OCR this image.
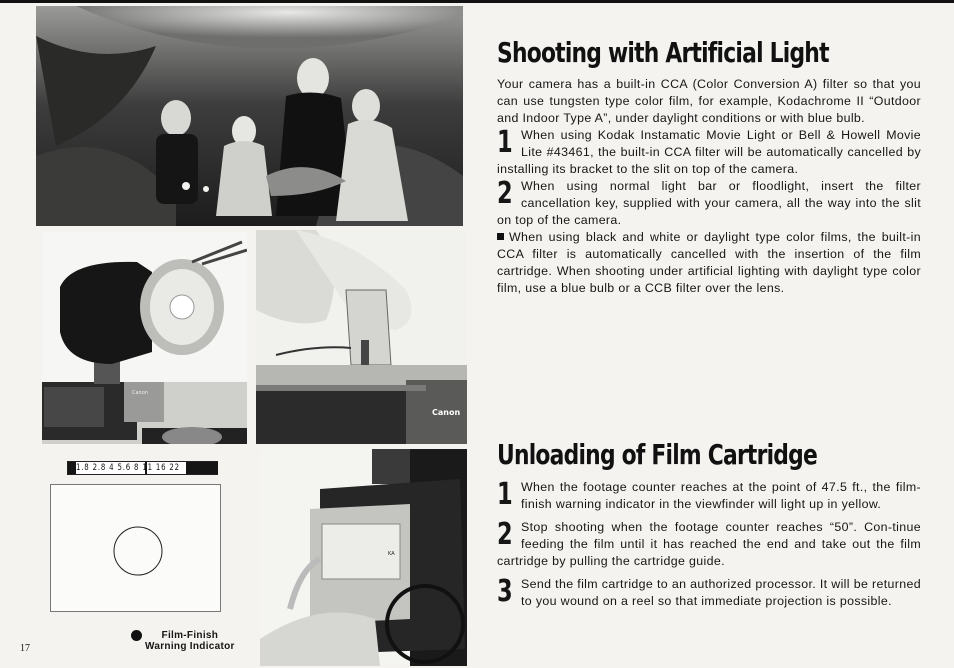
Canon
Canon
KA
1.8 2.8 4 5.6 8 11 16 22
Film-Finish
Warning Indicator
17
Shooting with Artificial Light

Your camera has a built-in CCA (Color Conversion A) filter so that you can use tungsten type color film, for example, Kodachrome II “Outdoor and Indoor Type A”, under daylight conditions or with blue bulb.

1 When using Kodak Instamatic Movie Light or Bell & Howell Movie Lite #43461, the built-in CCA filter will be automatically cancelled by installing its bracket to the slit on top of the camera.
2 When using normal light bar or floodlight, insert the filter cancellation key, supplied with your camera, all the way into the slit on top of the camera.

When using black and white or daylight type color films, the built-in CCA filter is automatically cancelled with the insertion of the film cartridge. When shooting under artificial lighting with daylight type color film, use a blue bulb or a CCB filter over the lens.

Unloading of Film Cartridge
1 When the footage counter reaches at the point of 47.5 ft., the film-finish warning indicator in the viewfinder will light up in yellow.
2 Stop shooting when the footage counter reaches “50”. Con-tinue feeding the film until it has reached the end and take out the film cartridge by pulling the cartridge guide.
3 Send the film cartridge to an authorized processor. It will be returned to you wound on a reel so that immediate projection is possible.
